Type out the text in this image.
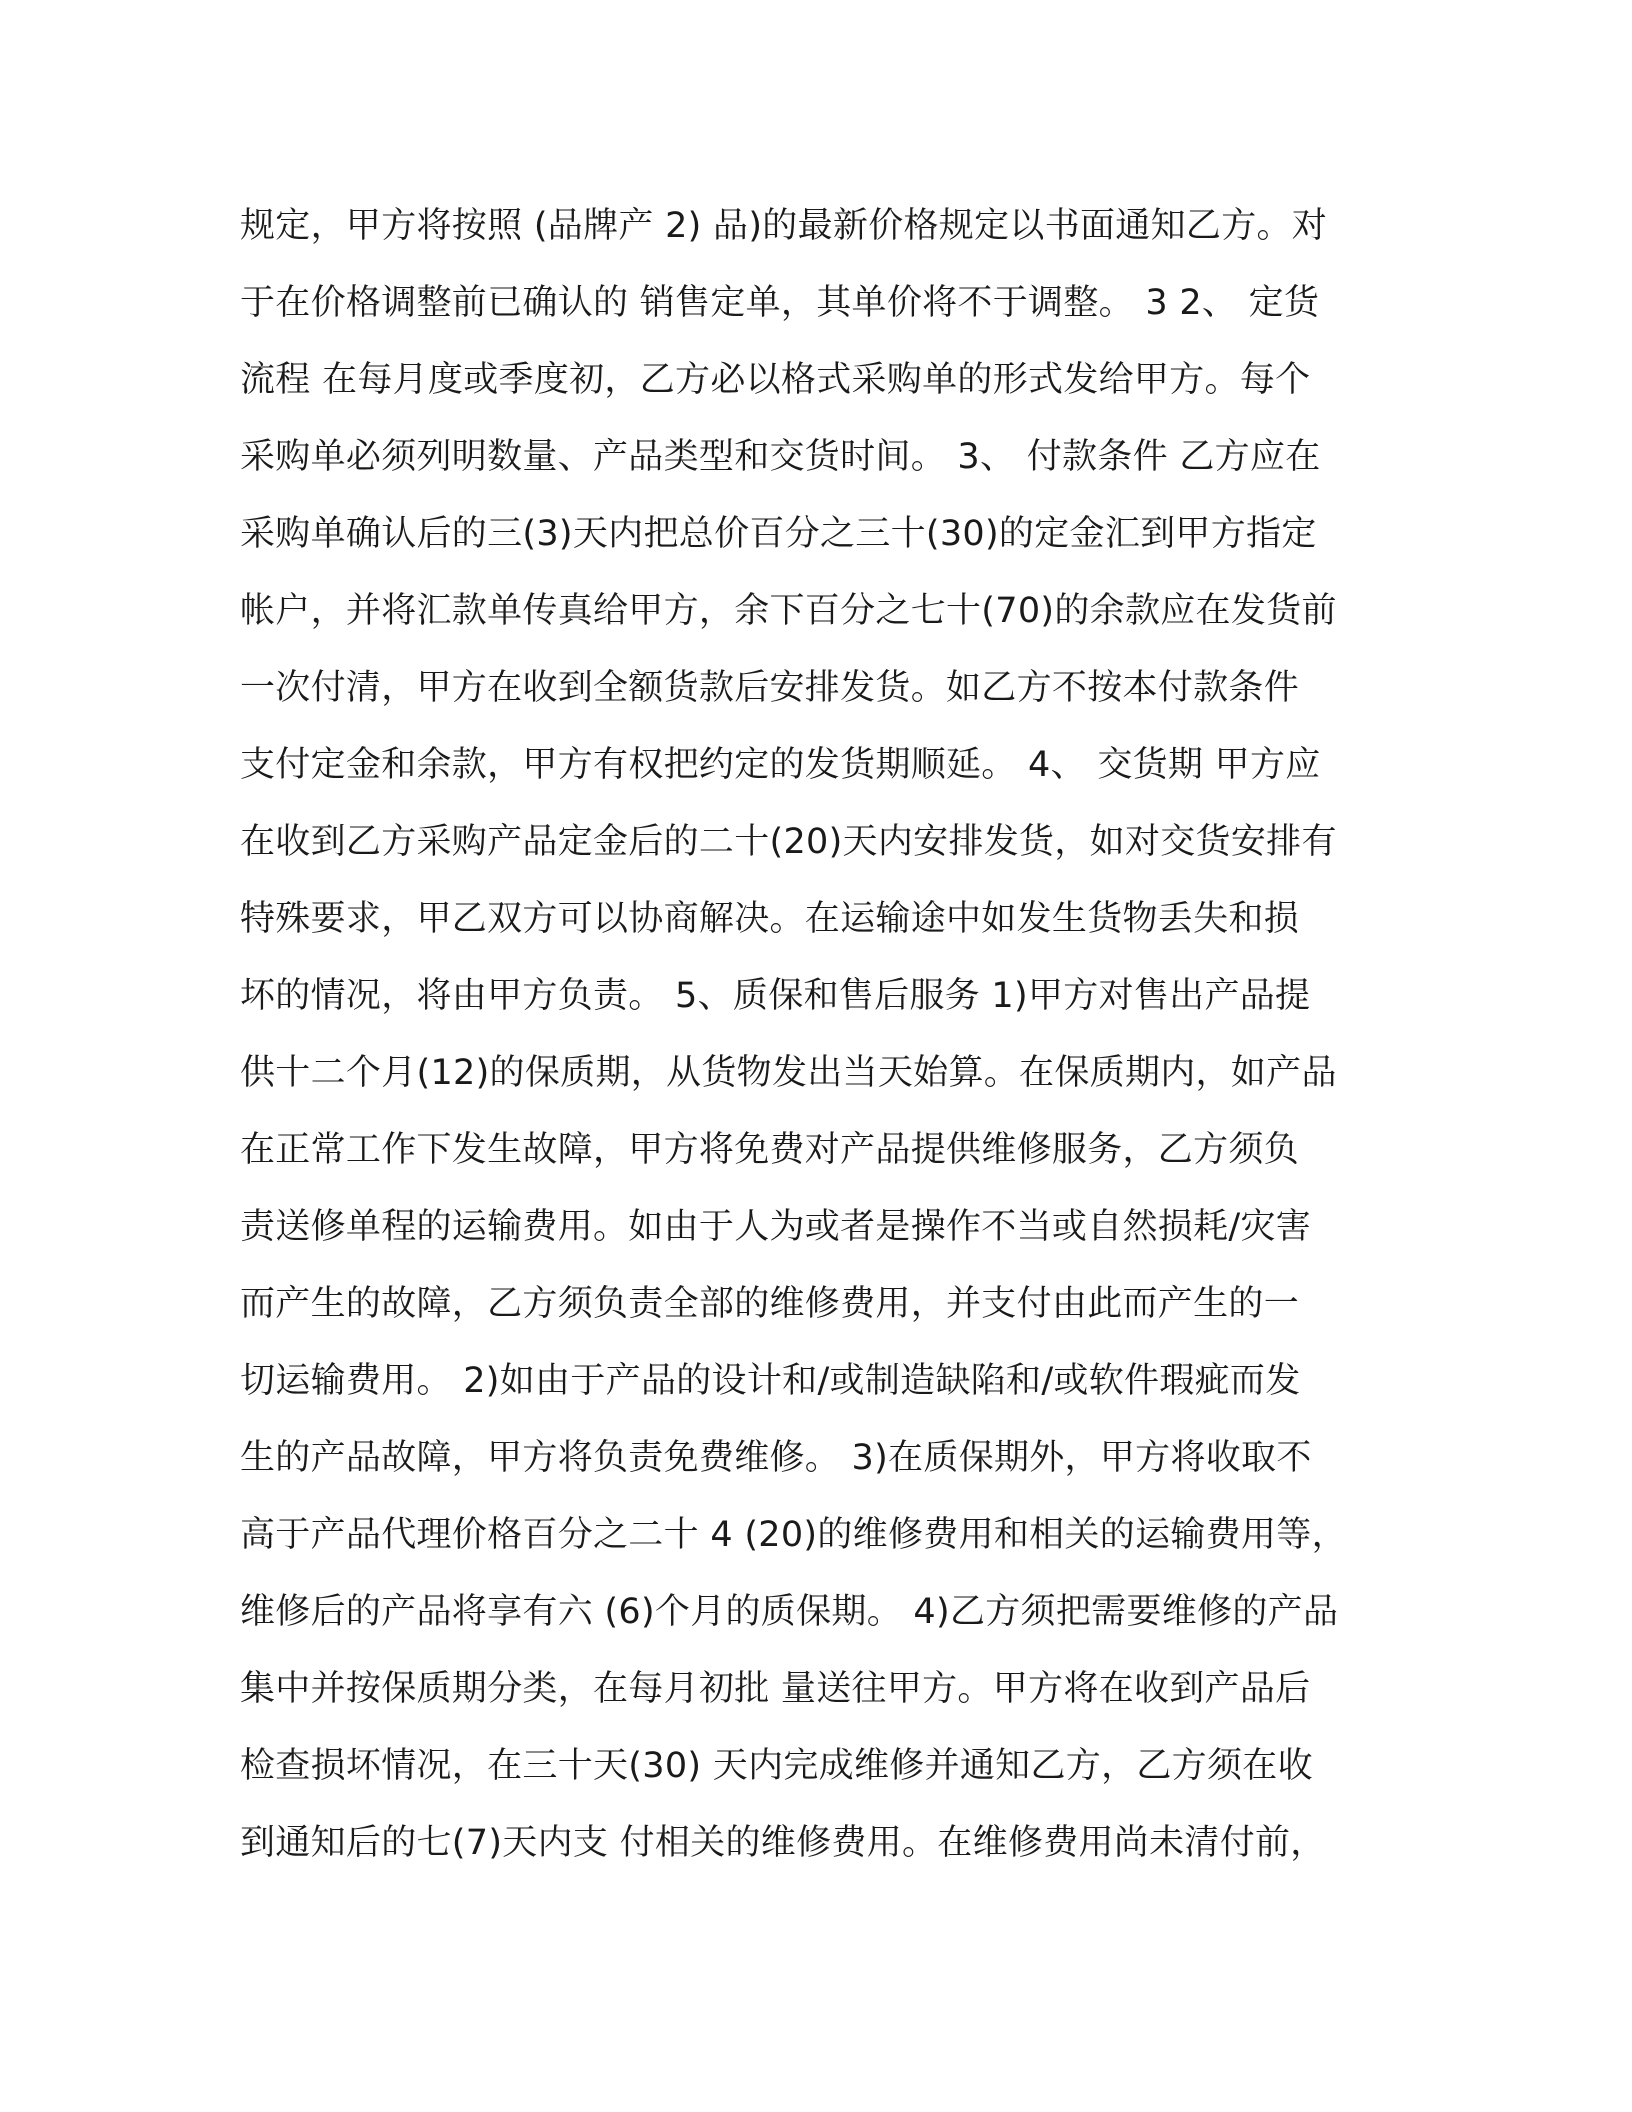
规定，甲方将按照 (品牌产 2) 品)的最新价格规定以书面通知乙方。对
于在价格调整前已确认的 销售定单，其单价将不于调整。 3 2、 定货
流程 在每月度或季度初，乙方必以格式采购单的形式发给甲方。每个
采购单必须列明数量、产品类型和交货时间。 3、 付款条件 乙方应在
采购单确认后的三(3)天内把总价百分之三十(30)的定金汇到甲方指定
帐户，并将汇款单传真给甲方，余下百分之七十(70)的余款应在发货前
一次付清，甲方在收到全额货款后安排发货。如乙方不按本付款条件
支付定金和余款，甲方有权把约定的发货期顺延。 4、 交货期 甲方应
在收到乙方采购产品定金后的二十(20)天内安排发货，如对交货安排有
特殊要求，甲乙双方可以协商解决。在运输途中如发生货物丢失和损
坏的情况，将由甲方负责。 5、质保和售后服务 1)甲方对售出产品提
供十二个月(12)的保质期，从货物发出当天始算。在保质期内，如产品
在正常工作下发生故障，甲方将免费对产品提供维修服务，乙方须负
责送修单程的运输费用。如由于人为或者是操作不当或自然损耗/灾害
而产生的故障，乙方须负责全部的维修费用，并支付由此而产生的一
切运输费用。 2)如由于产品的设计和/或制造缺陷和/或软件瑕疵而发
生的产品故障，甲方将负责免费维修。 3)在质保期外，甲方将收取不
高于产品代理价格百分之二十 4 (20)的维修费用和相关的运输费用等，
维修后的产品将享有六 (6)个月的质保期。 4)乙方须把需要维修的产品
集中并按保质期分类，在每月初批 量送往甲方。甲方将在收到产品后
检查损坏情况，在三十天(30) 天内完成维修并通知乙方，乙方须在收
到通知后的七(7)天内支 付相关的维修费用。在维修费用尚未清付前，
